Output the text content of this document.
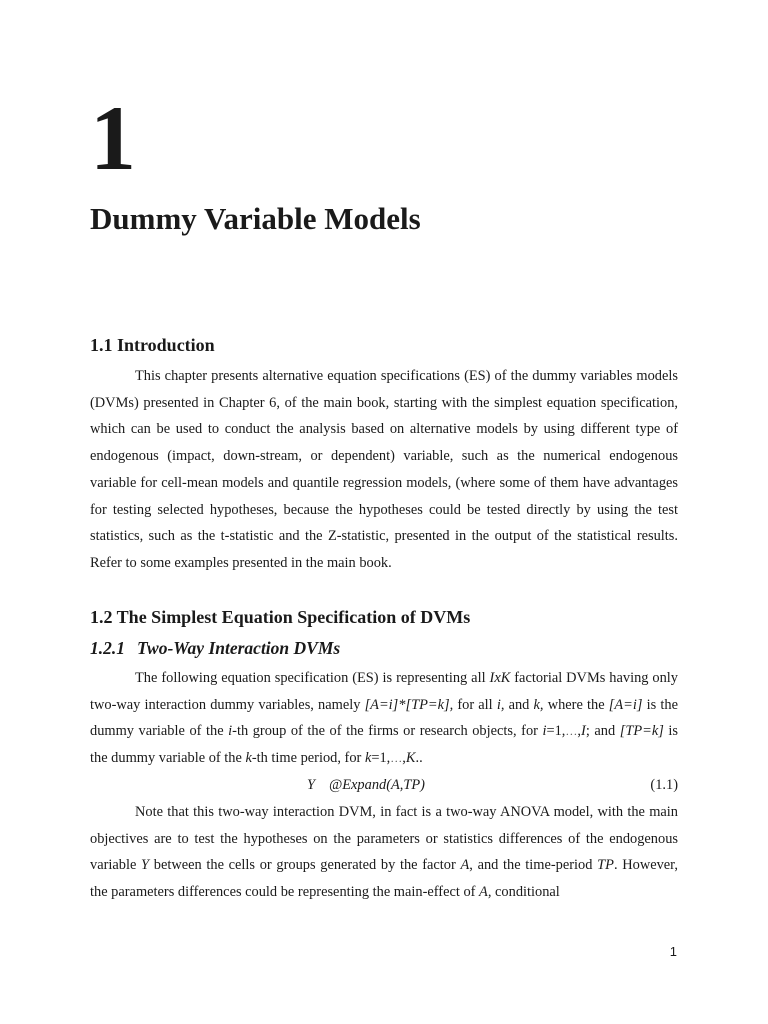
1
Dummy Variable Models
1.1 Introduction

This chapter presents alternative equation specifications (ES) of the dummy variables models (DVMs) presented in Chapter 6, of the main book, starting with the simplest equation specification, which can be used to conduct the analysis based on alternative models by using different type of endogenous (impact, down-stream, or dependent) variable, such as the numerical endogenous variable for cell-mean models and quantile regression models, (where some of them have advantages for testing selected hypotheses, because the hypotheses could be tested directly by using the test statistics, such as the t-statistic and the Z-statistic, presented in the output of the statistical results. Refer to some examples presented in the main book.

1.2 The Simplest Equation Specification of DVMs
1.2.1 Two-Way Interaction DVMs

The following equation specification (ES) is representing all IxK factorial DVMs having only two-way interaction dummy variables, namely [A=i]*[TP=k], for all i, and k, where the [A=i] is the dummy variable of the i-th group of the of the firms or research objects, for i=1,…,I; and [TP=k] is the dummy variable of the k-th time period, for k=1,…,K..

Y @Expand(A,TP)	(1.1)

Note that this two-way interaction DVM, in fact is a two-way ANOVA model, with the main objectives are to test the hypotheses on the parameters or statistics differences of the endogenous variable Y between the cells or groups generated by the factor A, and the time-period TP. However, the parameters differences could be representing the main-effect of A, conditional

1
